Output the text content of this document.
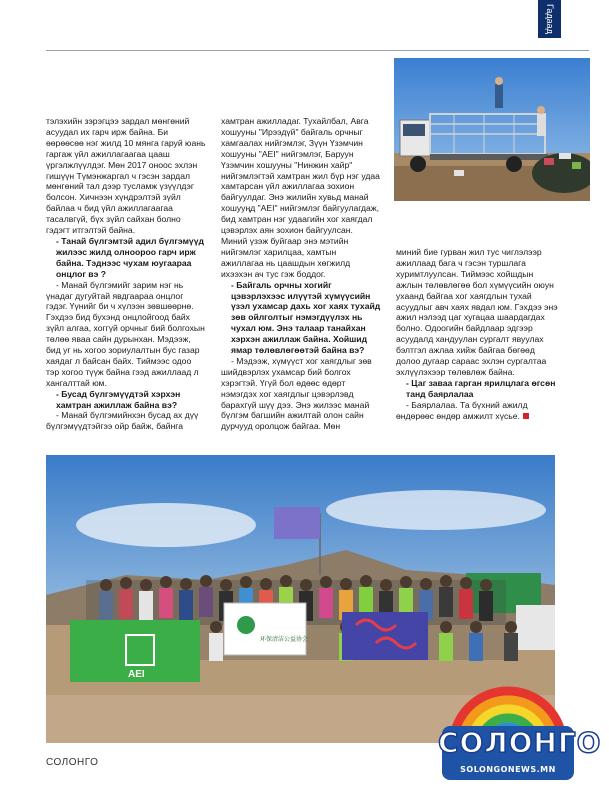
Гадаад

тэлэхийн зэрэгцээ зардал мөнгөний асуудал их гарч ирж байна. Би өөрөөсөө нэг жилд 10 мянга гаруй юань гаргаж үйл ажиллагаагаа цааш үргэлжлүүлдэг. Мөн 2017 оноос эхлэн гишүүн Түмэнжаргал ч гэсэн зардал мөнгөний тал дээр тусламж үзүүлдэг болсон. Хичнээн хүндрэлтэй зүйл байлаа ч бид үйл ажиллагаагаа тасалвгүй, бүх зүйл сайхан болно гэдэгт итгэлтэй байна.

- Танай бүлгэмтэй адил бүлгэмүүд жилээс жилд олноороо гарч ирж байна. Тэднээс чухам юугаараа онцлог вэ ?

- Манай бүлгэмийг зарим нэг нь үнадаг дугуйтай явдгаараа онцлог гэдэг. Үүнийг би ч хүлээн зөвшөөрнө. Гэхдээ бид бухэнд онцлойгоод байх зүйл алгаа, хоггүй орчныг бий болгохын төлөө явaa сайн дурынхан. Мэдээж, бид уг нь хогоо зориулалтын бус газар хаядаг л байсан байх. Тиймээс одоо тэр хогоо түүж байна гээд ажиллаад л хангалттай юм.

- Бусад бүлгэмүүдтэй хэрхэн хамтран ажиллаж байна вэ?

- Манай бүлгэмийнхэн бусад ах дүү бүлгэмүүдтэйгээ ойр байж, байнга

хамтран ажилладаг. Тухайлбал, Авга хошууны "Ирээдүй" байгаль орчныг хамгаалах нийгэмлэг, Зүүн Үзэмчин хошууны "АЕІ" нийгэмлэг, Баруун Үзэмчин хошууны "Нинжин хайр" нийгэмлэгтэй хамтран жил бүр нэг удаа хамтарсан үйл ажиллагаа зохион байгуулдаг. Энэ жилийн хувьд манай хошууңд "АЕІ" нийгэмлэг байгуулагдаж, бид хамтран нэг удаагийн хог хаягдал цэвэрлэх аян зохион байгуулсан. Миний үзэж буйгаар энэ мэтийн нийгэмлэг харилцаа, хамтын ажиллагаа нь цаашдын хөгжилд ихээхэн ач тус гэж боддог.

- Байгаль орчны хогийг цэвэрлэхээс илүүтэй хүмүүсийн үзэл ухамсар дахь хог хаях тухайд зөв ойлголтыг нэмэгдүүлэх нь чухал юм. Энэ талаар танайхан хэрхэн ажиллаж байна. Хойшид ямар төлөвлөгөөтэй байна вэ?

- Мэдээж, хүмүүст хог хаягдлыг зөв шийдвэрлэх ухамсар бий болгох хэрэгтэй. Үгүй бол өдөөс өдөрт нэмэгдэх хог хаягдлыг цэвэрлэвд барахгүй шүү дээ. Энэ жилээс манай бүлгэм багшийн ажилтай олон сайн дурчууд оролцож байгаа. Мөн

миний бие гурван жил тус чиглэлээр ажиллаад багa ч гэсэн туршлага хуримтлуулсан. Тиймээс хойшдын ажлын төлөвлөгөө бол хүмүүсийн оюун ухаанд байгаа хог хаягдлын тухай асуудлыг авч хаях явдал юм. Гэхдээ энэ ажил нэлээд цаг хугацаа шаардагдах болно. Одоогийн байдлаар эдгээр асуудалд хандуулан сургалт явуулах бэлтгэл ажлаа хийж байгаа бөгөөд долоо дугаар сараас эхлэн сургалтаа эхлүүлэхээр төлөвлөж байна.

- Цаг заваа гарган ярилцлага өгсөн танд баярлалаа

- Баярлалаа. Та бүхний ажилд өндөрөөс өндөр амжилт хүсье.

AEI
环保清洁公益协会
СОЛОНГО
СОЛОНГО
SOLONGONEWS.MN
